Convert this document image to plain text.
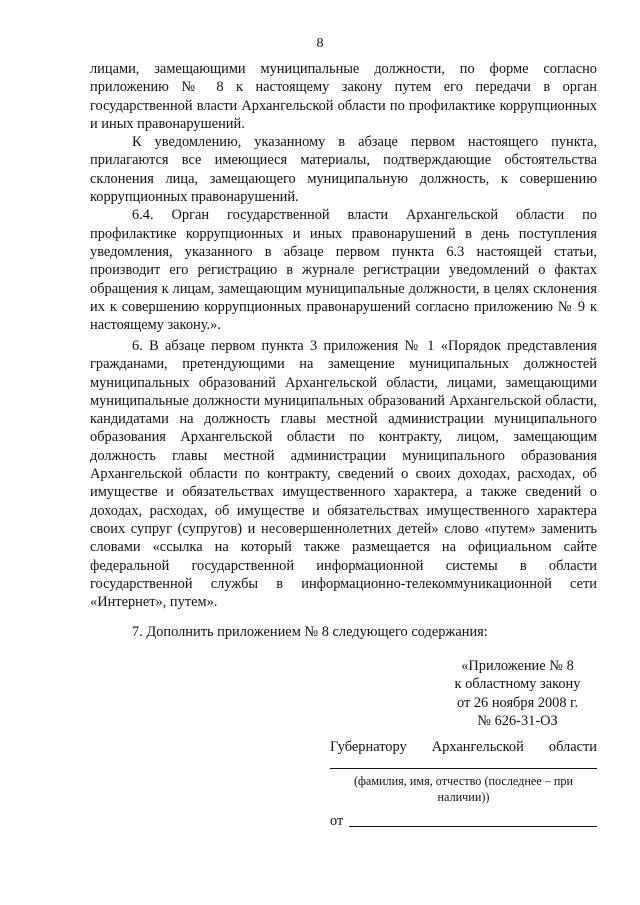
8

лицами, замещающими муниципальные должности, по форме согласно приложению № 8 к настоящему закону путем его передачи в орган государственной власти Архангельской области по профилактике коррупционных и иных правонарушений.

К уведомлению, указанному в абзаце первом настоящего пункта, прилагаются все имеющиеся материалы, подтверждающие обстоятельства склонения лица, замещающего муниципальную должность, к совершению коррупционных правонарушений.

6.4. Орган государственной власти Архангельской области по профилактике коррупционных и иных правонарушений в день поступления уведомления, указанного в абзаце первом пункта 6.3 настоящей статьи, производит его регистрацию в журнале регистрации уведомлений о фактах обращения к лицам, замещающим муниципальные должности, в целях склонения их к совершению коррупционных правонарушений согласно приложению № 9 к настоящему закону.».

6. В абзаце первом пункта 3 приложения № 1 «Порядок представления гражданами, претендующими на замещение муниципальных должностей муниципальных образований Архангельской области, лицами, замещающими муниципальные должности муниципальных образований Архангельской области, кандидатами на должность главы местной администрации муниципального образования Архангельской области по контракту, лицом, замещающим должность главы местной администрации муниципального образования Архангельской области по контракту, сведений о своих доходах, расходах, об имуществе и обязательствах имущественного характера, а также сведений о доходах, расходах, об имуществе и обязательствах имущественного характера своих супруг (супругов) и несовершеннолетних детей» слово «путем» заменить словами «ссылка на который также размещается на официальном сайте федеральной государственной информационной системы в области государственной службы в информационно-телекоммуникационной сети «Интернет», путем».

7. Дополнить приложением № 8 следующего содержания:

«Приложение № 8
к областному закону
от 26 ноября 2008 г.
№ 626-31-ОЗ
Губернатору Архангельской области
(фамилия, имя, отчество (последнее – при наличии))
от
